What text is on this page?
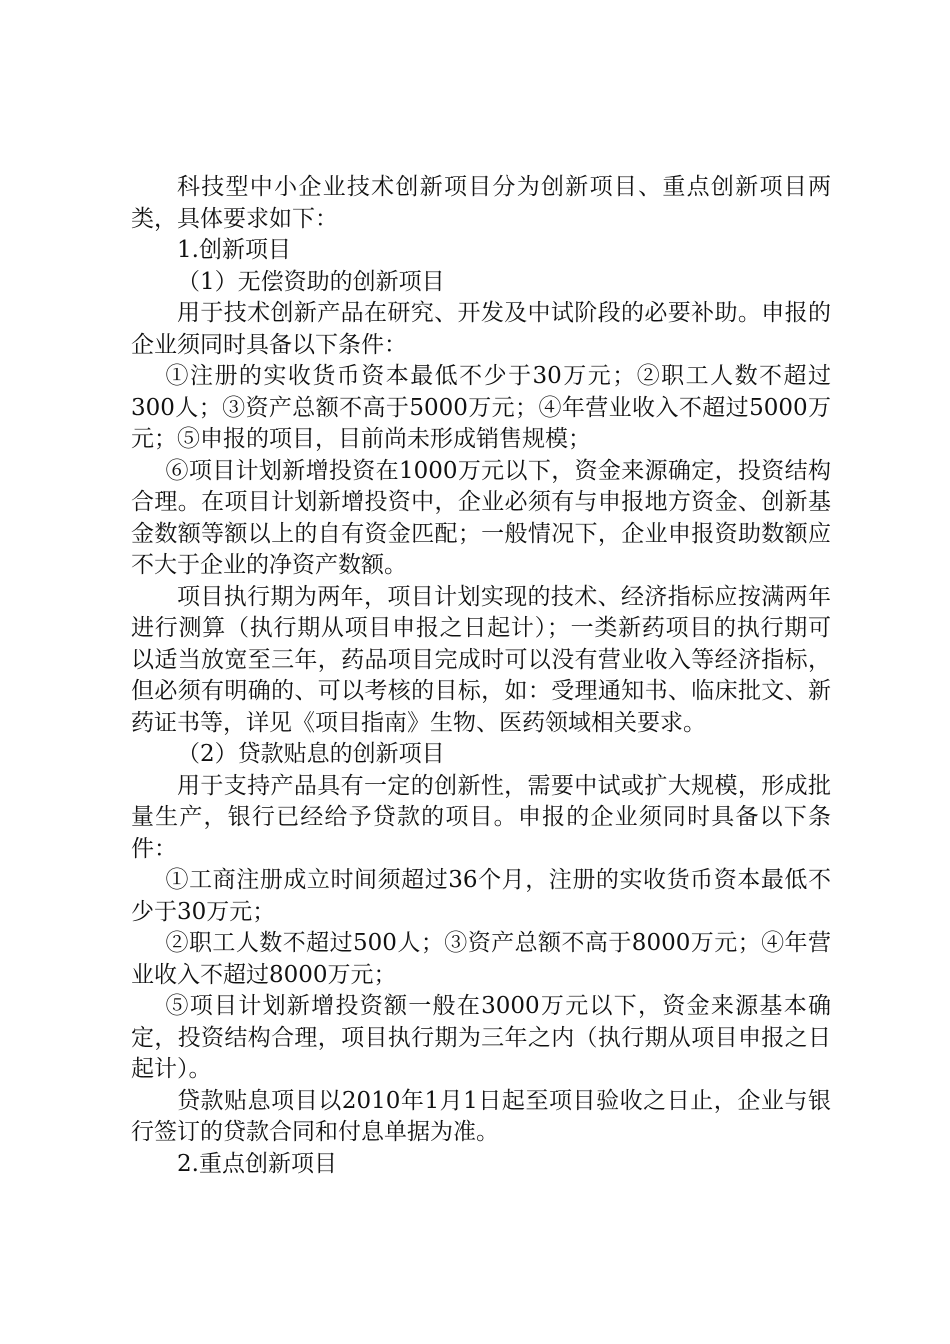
科技型中小企业技术创新项目分为创新项目、重点创新项目两类，具体要求如下：

1.创新项目

（1）无偿资助的创新项目

用于技术创新产品在研究、开发及中试阶段的必要补助。申报的企业须同时具备以下条件：

①注册的实收货币资本最低不少于30万元；②职工人数不超过300人；③资产总额不高于5000万元；④年营业收入不超过5000万元；⑤申报的项目，目前尚未形成销售规模；

⑥项目计划新增投资在1000万元以下，资金来源确定，投资结构合理。在项目计划新增投资中，企业必须有与申报地方资金、创新基金数额等额以上的自有资金匹配；一般情况下，企业申报资助数额应不大于企业的净资产数额。

项目执行期为两年，项目计划实现的技术、经济指标应按满两年进行测算（执行期从项目申报之日起计）；一类新药项目的执行期可以适当放宽至三年，药品项目完成时可以没有营业收入等经济指标，但必须有明确的、可以考核的目标，如：受理通知书、临床批文、新药证书等，详见《项目指南》生物、医药领域相关要求。

（2）贷款贴息的创新项目

用于支持产品具有一定的创新性，需要中试或扩大规模，形成批量生产，银行已经给予贷款的项目。申报的企业须同时具备以下条件：

①工商注册成立时间须超过36个月，注册的实收货币资本最低不少于30万元；

②职工人数不超过500人；③资产总额不高于8000万元；④年营业收入不超过8000万元；

⑤项目计划新增投资额一般在3000万元以下，资金来源基本确定，投资结构合理，项目执行期为三年之内（执行期从项目申报之日起计）。

贷款贴息项目以2010年1月1日起至项目验收之日止，企业与银行签订的贷款合同和付息单据为准。

2.重点创新项目
